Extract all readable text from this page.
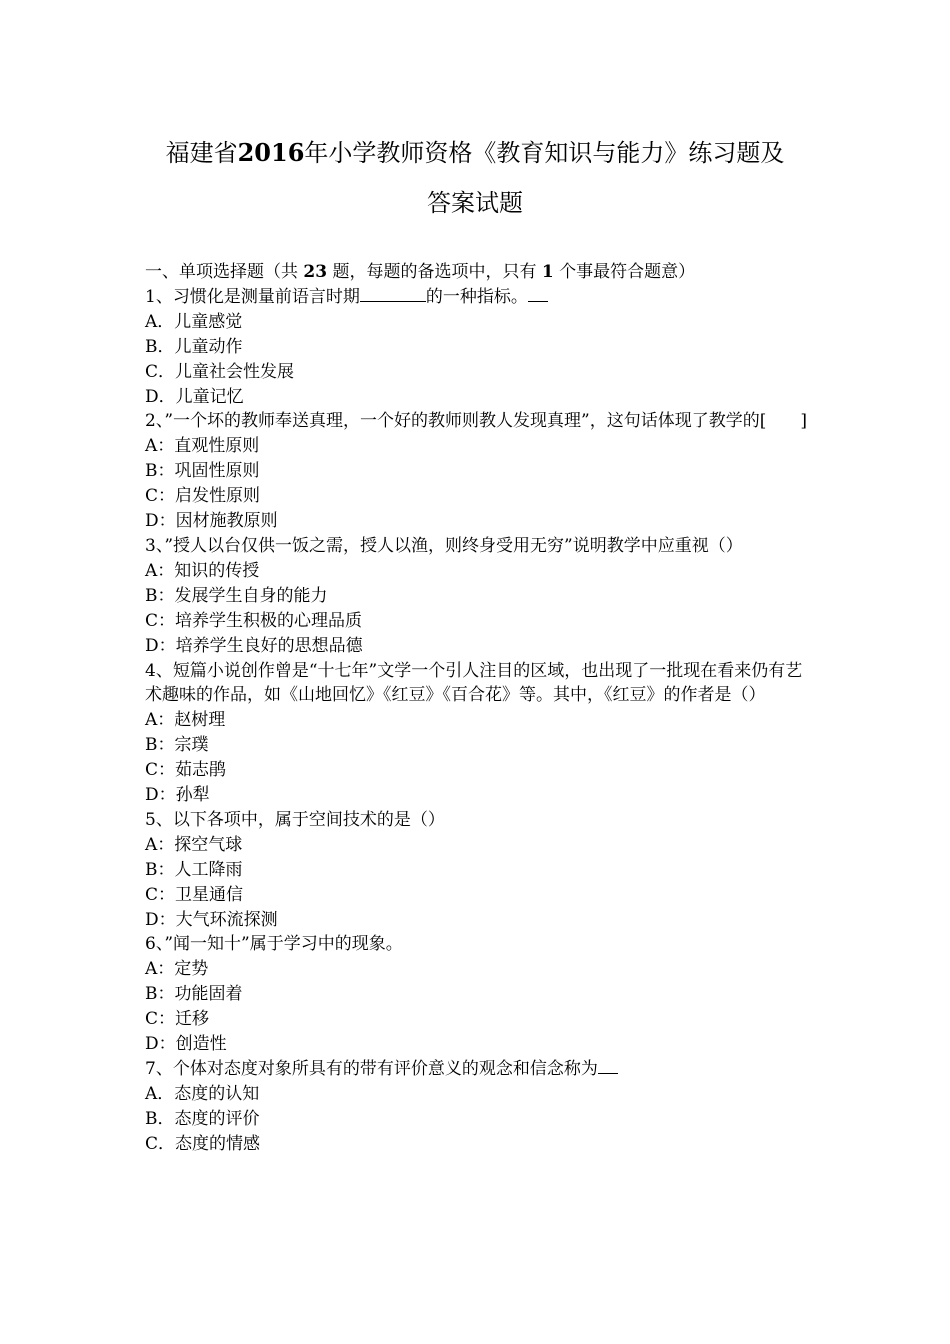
福建省2016年小学教师资格《教育知识与能力》练习题及
答案试题
一、单项选择题（共 23 题，每题的备选项中，只有 1 个事最符合题意）
1、习惯化是测量前语言时期	的一种指标。
A．儿童感觉
B．儿童动作
C．儿童社会性发展
D．儿童记忆
2、”一个坏的教师奉送真理，一个好的教师则教人发现真理”，这句话体现了教学的[　　]
A：直观性原则
B：巩固性原则
C：启发性原则
D：因材施教原则
3、”授人以台仅供一饭之需，授人以渔，则终身受用无穷”说明教学中应重视（）
A：知识的传授
B：发展学生自身的能力
C：培养学生积极的心理品质
D：培养学生良好的思想品德
4、短篇小说创作曾是“十七年”文学一个引人注目的区域，也出现了一批现在看来仍有艺术趣味的作品，如《山地回忆》《红豆》《百合花》等。其中，《红豆》的作者是（）
A：赵树理
B：宗璞
C：茹志鹃
D：孙犁
5、以下各项中，属于空间技术的是（）
A：探空气球
B：人工降雨
C：卫星通信
D：大气环流探测
6、”闻一知十”属于学习中的现象。
A：定势
B：功能固着
C：迁移
D：创造性
7、个体对态度对象所具有的带有评价意义的观念和信念称为
A．态度的认知
B．态度的评价
C．态度的情感
